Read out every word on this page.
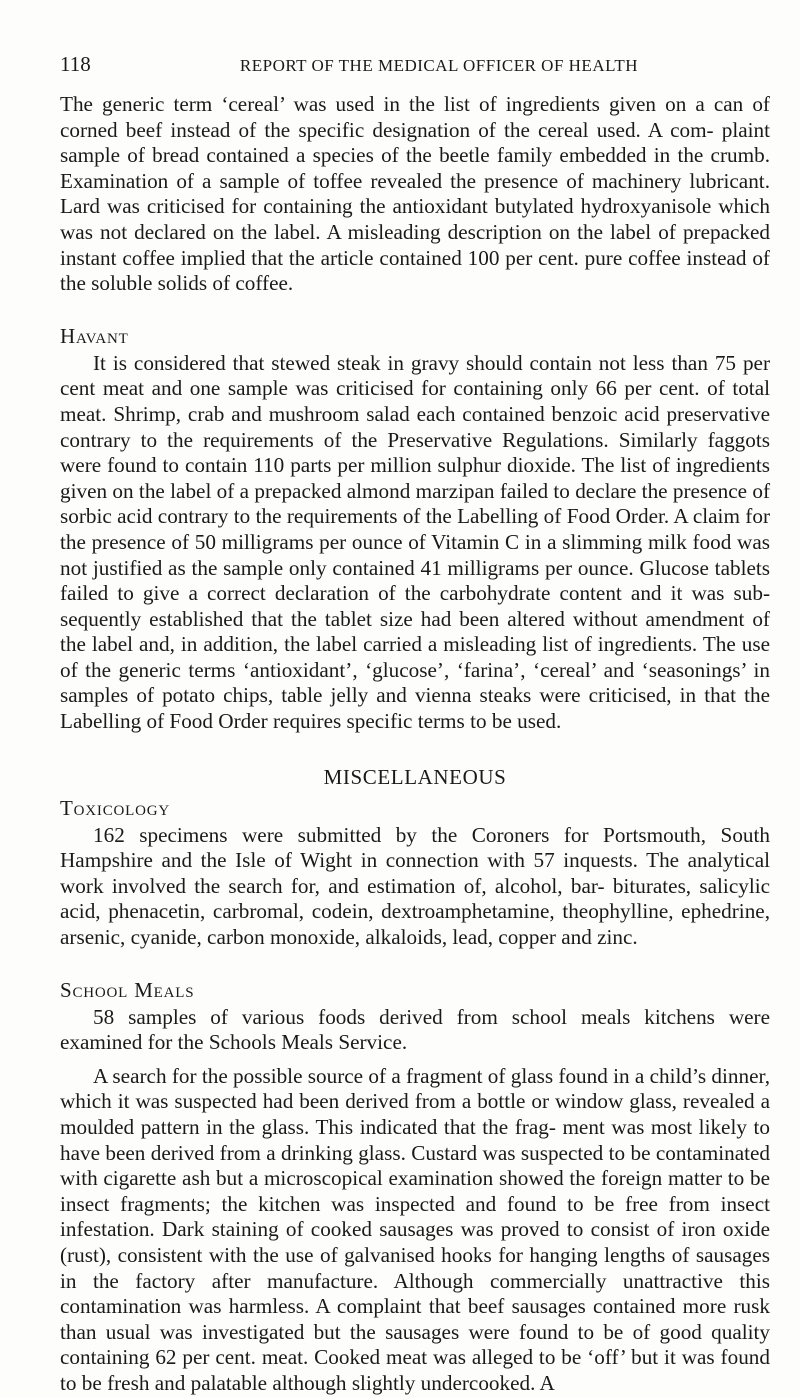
118	REPORT OF THE MEDICAL OFFICER OF HEALTH

The generic term ‘cereal’ was used in the list of ingredients given on a can of corned beef instead of the specific designation of the cereal used. A com- plaint sample of bread contained a species of the beetle family embedded in the crumb. Examination of a sample of toffee revealed the presence of machinery lubricant. Lard was criticised for containing the antioxidant butylated hydroxyanisole which was not declared on the label. A misleading description on the label of prepacked instant coffee implied that the article contained 100 per cent. pure coffee instead of the soluble solids of coffee.

Havant

It is considered that stewed steak in gravy should contain not less than 75 per cent meat and one sample was criticised for containing only 66 per cent. of total meat. Shrimp, crab and mushroom salad each contained benzoic acid preservative contrary to the requirements of the Preservative Regulations. Similarly faggots were found to contain 110 parts per million sulphur dioxide. The list of ingredients given on the label of a prepacked almond marzipan failed to declare the presence of sorbic acid contrary to the requirements of the Labelling of Food Order. A claim for the presence of 50 milligrams per ounce of Vitamin C in a slimming milk food was not justified as the sample only contained 41 milligrams per ounce. Glucose tablets failed to give a correct declaration of the carbohydrate content and it was sub- sequently established that the tablet size had been altered without amendment of the label and, in addition, the label carried a misleading list of ingredients. The use of the generic terms ‘antioxidant’, ‘glucose’, ‘farina’, ‘cereal’ and ‘seasonings’ in samples of potato chips, table jelly and vienna steaks were criticised, in that the Labelling of Food Order requires specific terms to be used.

MISCELLANEOUS
Toxicology

162 specimens were submitted by the Coroners for Portsmouth, South Hampshire and the Isle of Wight in connection with 57 inquests. The analytical work involved the search for, and estimation of, alcohol, bar- biturates, salicylic acid, phenacetin, carbromal, codein, dextroamphetamine, theophylline, ephedrine, arsenic, cyanide, carbon monoxide, alkaloids, lead, copper and zinc.

School Meals

58 samples of various foods derived from school meals kitchens were examined for the Schools Meals Service.

A search for the possible source of a fragment of glass found in a child’s dinner, which it was suspected had been derived from a bottle or window glass, revealed a moulded pattern in the glass. This indicated that the frag- ment was most likely to have been derived from a drinking glass. Custard was suspected to be contaminated with cigarette ash but a microscopical examination showed the foreign matter to be insect fragments; the kitchen was inspected and found to be free from insect infestation. Dark staining of cooked sausages was proved to consist of iron oxide (rust), consistent with the use of galvanised hooks for hanging lengths of sausages in the factory after manufacture. Although commercially unattractive this contamination was harmless. A complaint that beef sausages contained more rusk than usual was investigated but the sausages were found to be of good quality containing 62 per cent. meat. Cooked meat was alleged to be ‘off’ but it was found to be fresh and palatable although slightly undercooked. A
